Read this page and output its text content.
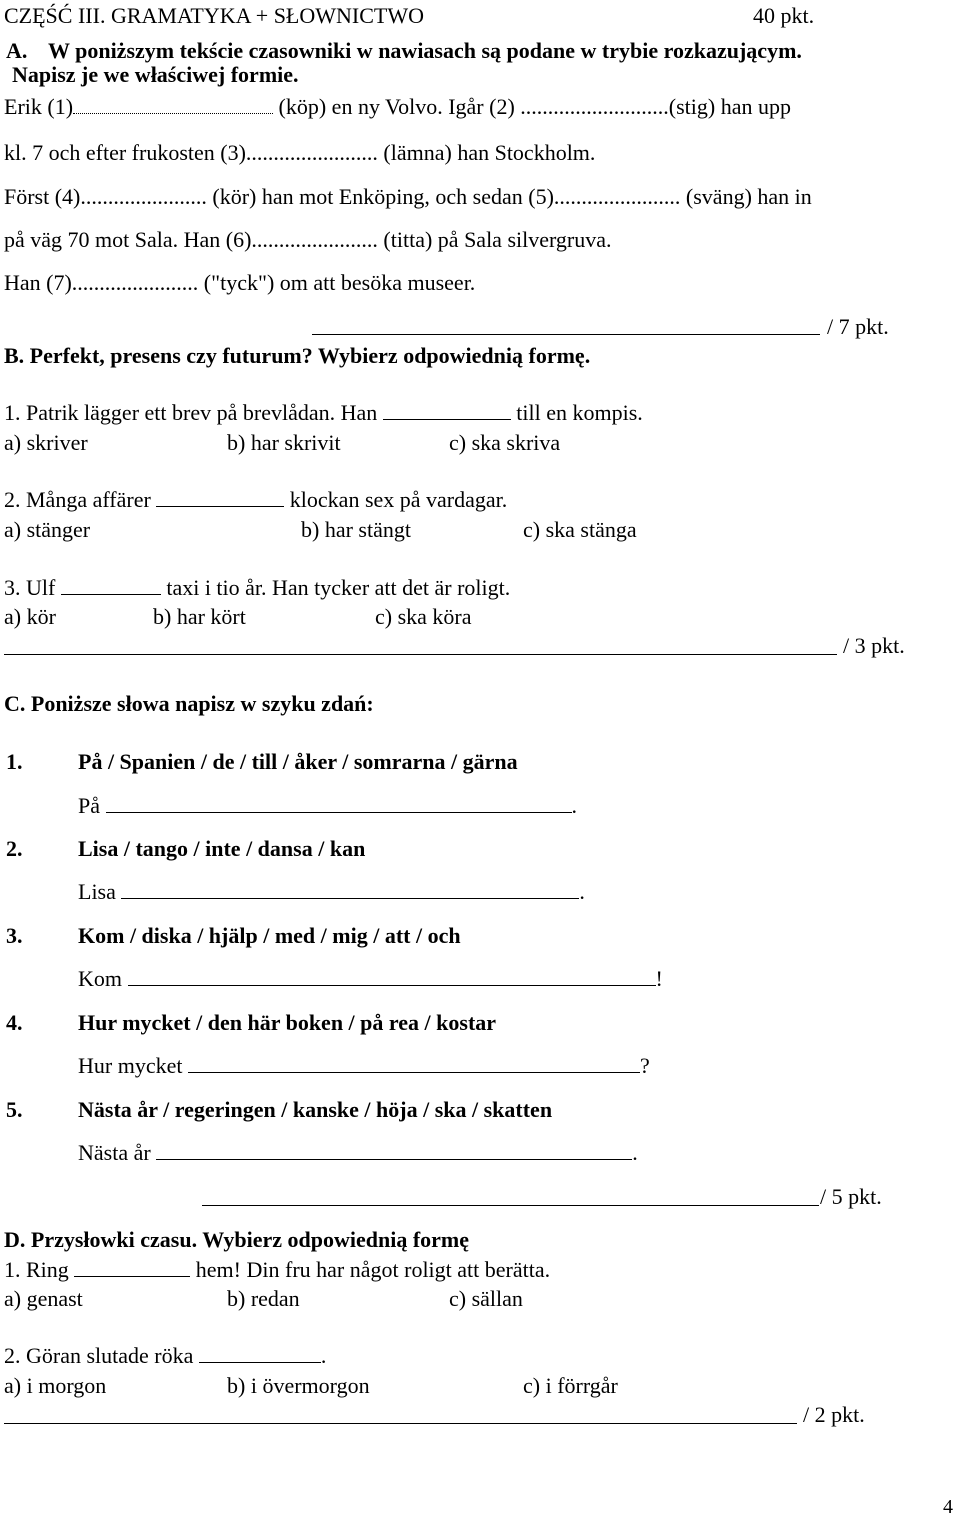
CZĘŚĆ III. GRAMATYKA + SŁOWNICTWO	40 pkt.
A. W poniższym tekście czasowniki w nawiasach są podane w trybie rozkazującym.
Napisz je we właściwej formie.
Erik (1)	(köp) en ny Volvo. Igår (2) ...........................(stig) han upp
kl. 7 och efter frukosten (3)........................ (lämna) han Stockholm.
Först (4)....................... (kör) han mot Enköping, och sedan (5)....................... (sväng) han in
på väg 70 mot Sala. Han (6)....................... (titta) på Sala silvergruva.
Han (7)....................... ("tyck") om att besöka museer.
/ 7 pkt.
B. Perfekt, presens czy futurum? Wybierz odpowiednią formę.
1. Patrik lägger ett brev på brevlådan. Han	till en kompis.
a) skriver	b) har skrivit	c) ska skriva
2. Många affärer	klockan sex på vardagar.
a) stänger	b) har stängt	c) ska stänga
3. Ulf	taxi i tio år. Han tycker att det är roligt.
a) kör	b) har kört	c) ska köra
/ 3 pkt.
C. Poniższe słowa napisz w szyku zdań:
1.	På / Spanien / de / till / åker / somrarna / gärna
På	.
2.	Lisa / tango / inte / dansa / kan
Lisa	.
3.	Kom / diska / hjälp / med / mig / att / och
Kom	!
4.	Hur mycket / den här boken / på rea / kostar
Hur mycket	?
5.	Nästa år / regeringen / kanske / höja / ska / skatten
Nästa år	.
/ 5 pkt.
D. Przysłowki czasu. Wybierz odpowiednią formę
1. Ring	hem! Din fru har något roligt att berätta.
a) genast	b) redan	c) sällan
2. Göran slutade röka	.
a) i morgon	b) i övermorgon	c) i förrgår
/ 2 pkt.
4
